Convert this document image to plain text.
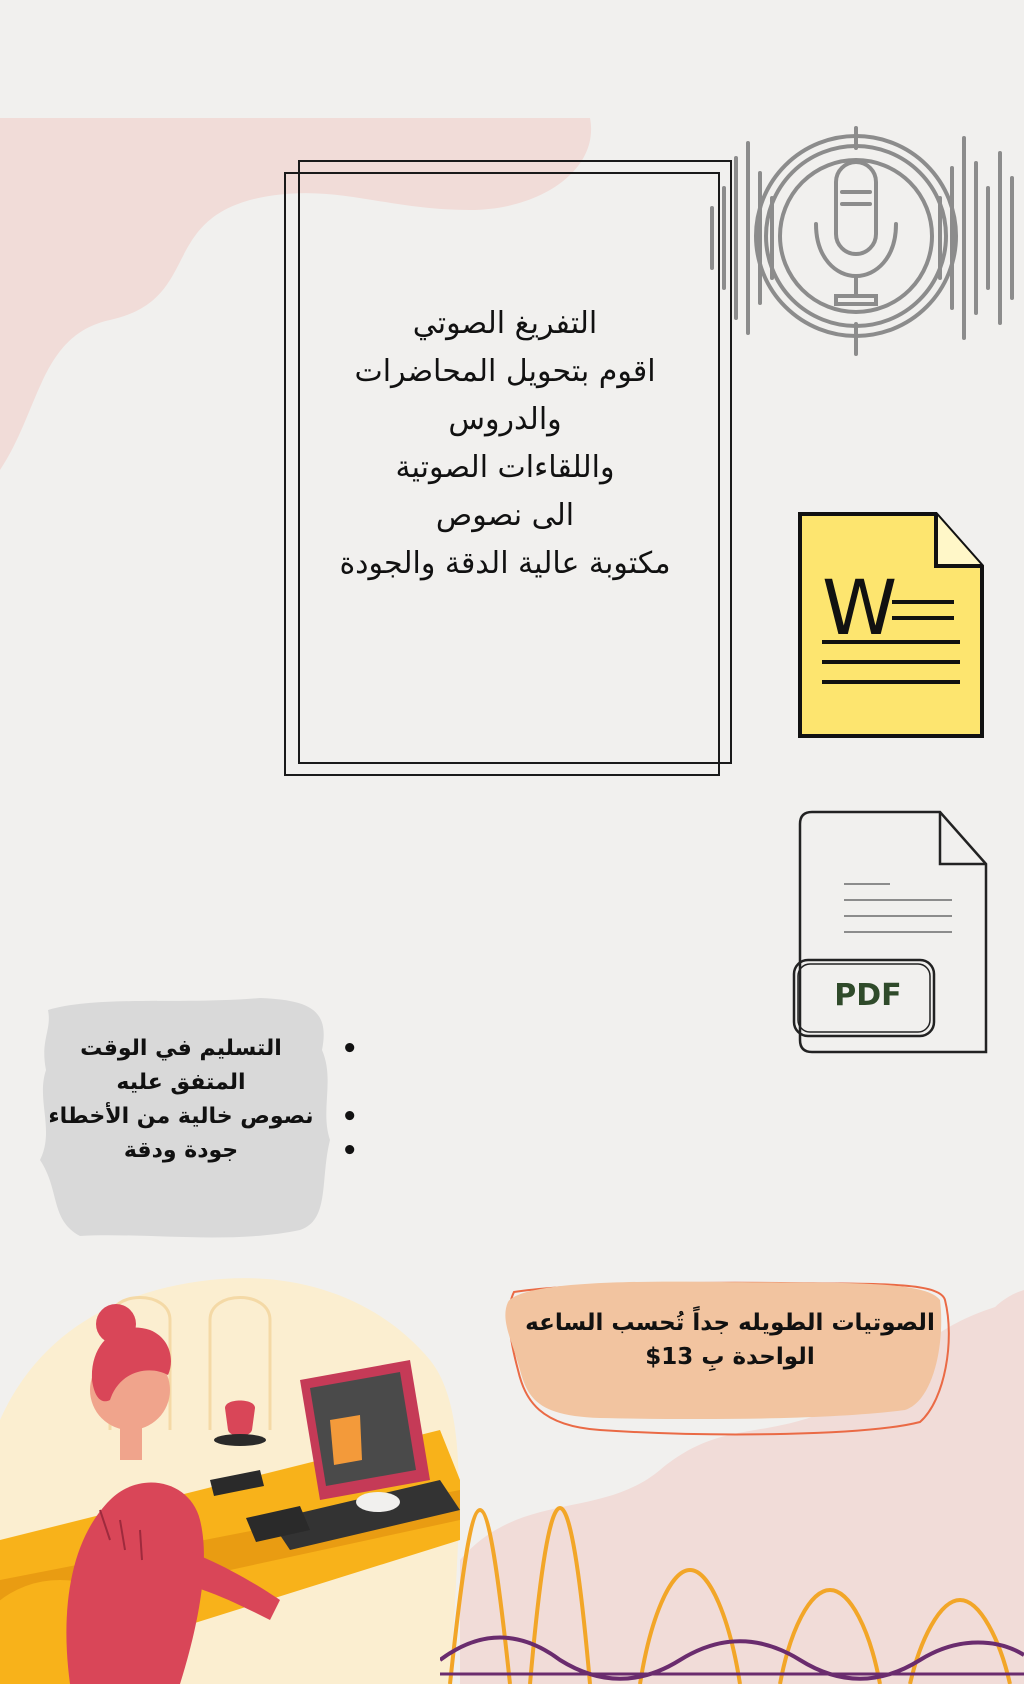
التفريغ الصوتي
اقوم بتحويل المحاضرات
والدروس
واللقاءات الصوتية
الى نصوص
مكتوبة عالية الدقة والجودة	W
PDF
• التسليم في الوقت المتفق عليه
• نصوص خالية من الأخطاء
• جودة ودقة
الصوتيات الطويله جداً تُحسب الساعه الواحدة بِ 13$
